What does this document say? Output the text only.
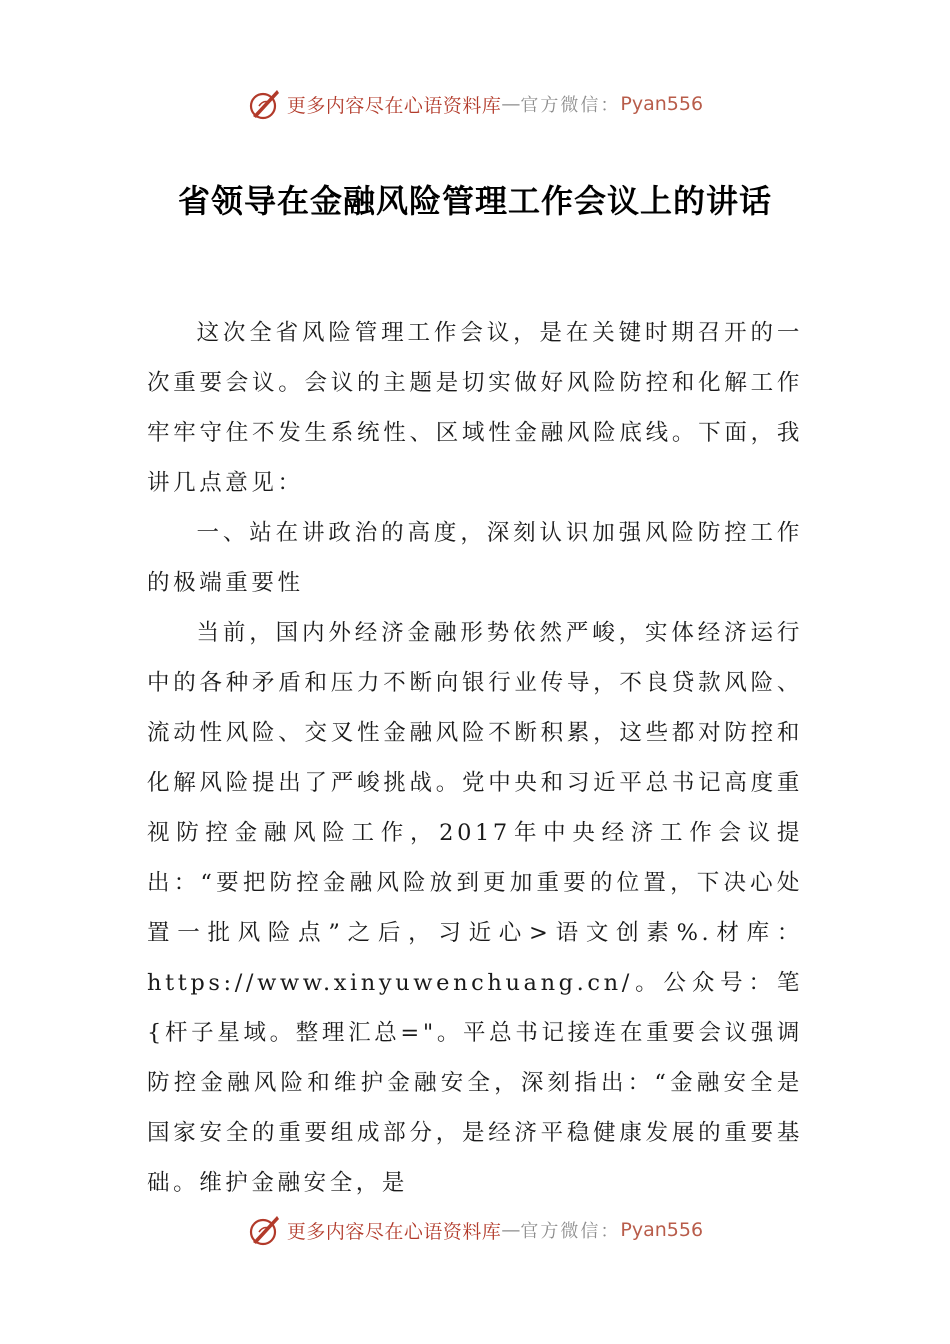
更多内容尽在心语资料库 — 官方微信： Pyan556
省领导在金融风险管理工作会议上的讲话

这次全省风险管理工作会议，是在关键时期召开的一次重要会议。会议的主题是切实做好风险防控和化解工作牢牢守住不发生系统性、区域性金融风险底线。下面，我讲几点意见：

一、站在讲政治的高度，深刻认识加强风险防控工作的极端重要性

当前，国内外经济金融形势依然严峻，实体经济运行中的各种矛盾和压力不断向银行业传导，不良贷款风险、流动性风险、交叉性金融风险不断积累，这些都对防控和化解风险提出了严峻挑战。党中央和习近平总书记高度重视防控金融风险工作，2017年中央经济工作会议提出：“要把防控金融风险放到更加重要的位置，下决心处置一批风险点”之后，习近心>语文创素%.材库：https://www.xinyuwenchuang.cn/。公众号：笔{杆子星域。整理汇总="。平总书记接连在重要会议强调防控金融风险和维护金融安全，深刻指出：“金融安全是国家安全的重要组成部分，是经济平稳健康发展的重要基础。维护金融安全，是

更多内容尽在心语资料库 — 官方微信： Pyan556
